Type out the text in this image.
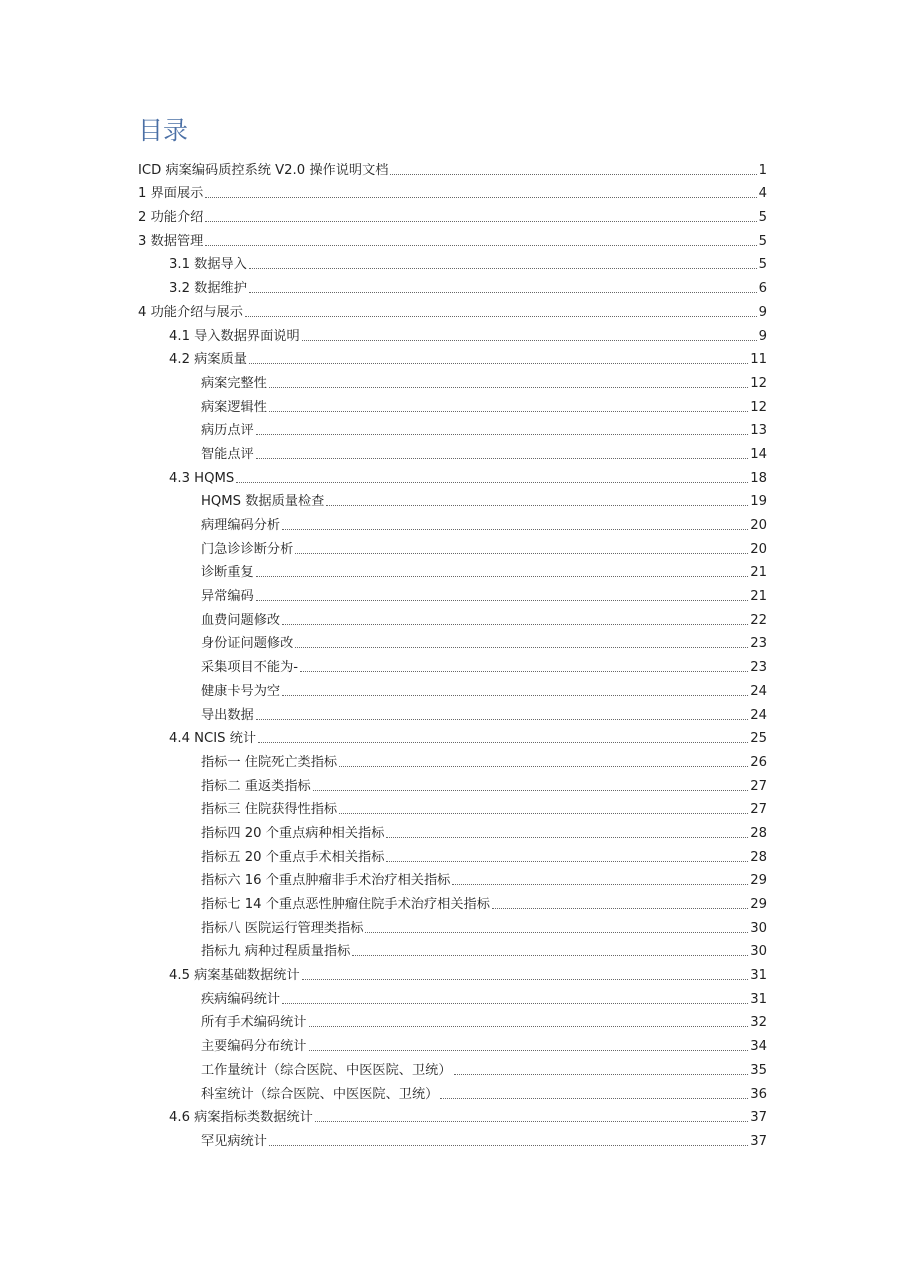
目录
ICD 病案编码质控系统 V2.0 操作说明文档	1
1 界面展示	4
2 功能介绍	5
3 数据管理	5
3.1 数据导入	5
3.2 数据维护	6
4 功能介绍与展示	9
4.1 导入数据界面说明	9
4.2 病案质量	11
病案完整性	12
病案逻辑性	12
病历点评	13
智能点评	14
4.3 HQMS	18
HQMS 数据质量检查	19
病理编码分析	20
门急诊诊断分析	20
诊断重复	21
异常编码	21
血费问题修改	22
身份证问题修改	23
采集项目不能为-	23
健康卡号为空	24
导出数据	24
4.4 NCIS 统计	25
指标一 住院死亡类指标	26
指标二 重返类指标	27
指标三 住院获得性指标	27
指标四 20 个重点病种相关指标	28
指标五 20 个重点手术相关指标	28
指标六 16 个重点肿瘤非手术治疗相关指标	29
指标七 14 个重点恶性肿瘤住院手术治疗相关指标	29
指标八 医院运行管理类指标	30
指标九 病种过程质量指标	30
4.5 病案基础数据统计	31
疾病编码统计	31
所有手术编码统计	32
主要编码分布统计	34
工作量统计（综合医院、中医医院、卫统）	35
科室统计（综合医院、中医医院、卫统）	36
4.6 病案指标类数据统计	37
罕见病统计	37
